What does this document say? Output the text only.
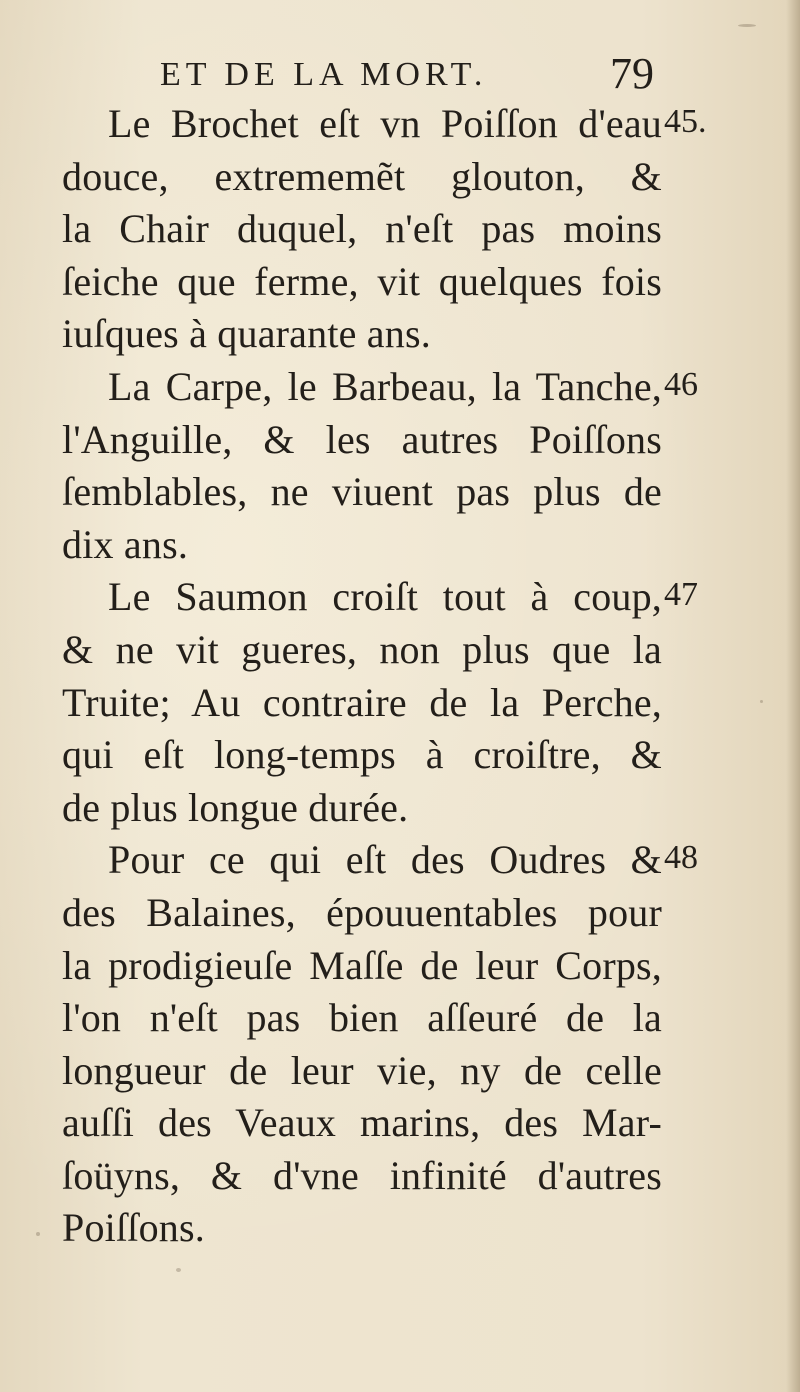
ET DE LA MORT.	79
Le Brochet eſt vn Poiſſon d'eau
douce, extrememẽt glouton, &
la Chair duquel, n'eſt pas moins
ſeiche que ferme, vit quelques fois
iuſques à quarante ans.
La Carpe, le Barbeau, la Tanche,
l'Anguille, & les autres Poiſſons
ſemblables, ne viuent pas plus de
dix ans.
Le Saumon croiſt tout à coup,
& ne vit gueres, non plus que la
Truite; Au contraire de la Perche,
qui eſt long-temps à croiſtre, &
de plus longue durée.
Pour ce qui eſt des Oudres &
des Balaines, épouuentables pour
la prodigieuſe Maſſe de leur Corps,
l'on n'eſt pas bien aſſeuré de la
longueur de leur vie, ny de celle
auſſi des Veaux marins, des Mar-
ſoüyns, & d'vne infinité d'autres
Poiſſons.
45.
46
47
48
